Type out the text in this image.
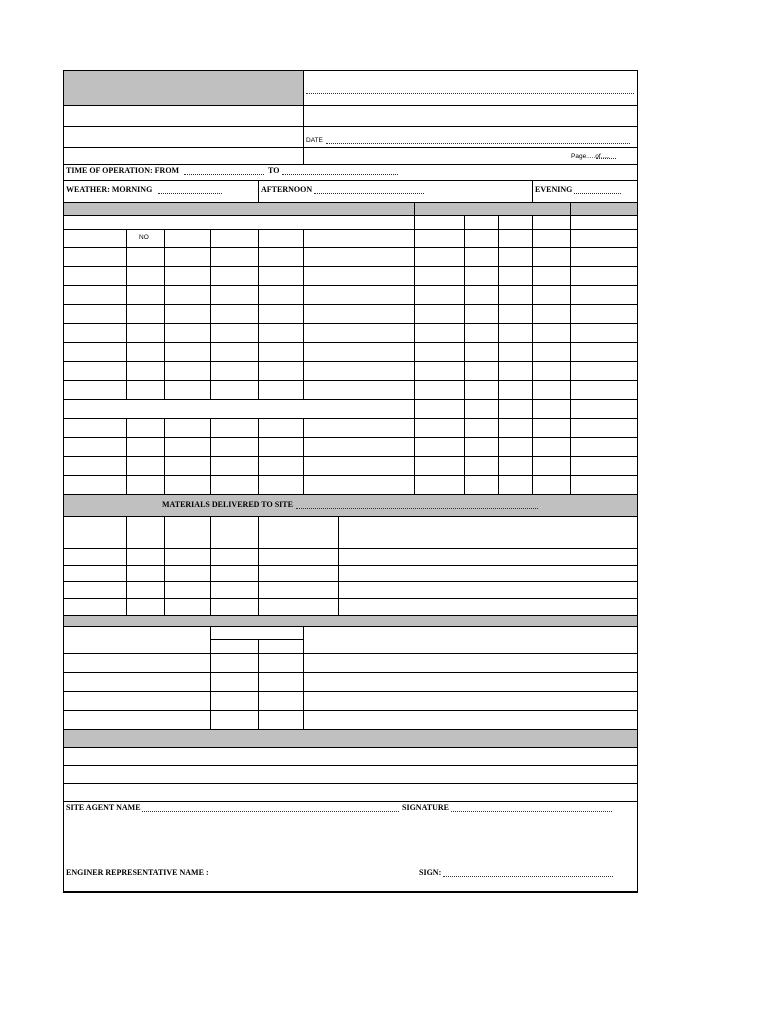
DATE
Page.....of.....
TIME OF OPERATION: FROM	TO
WEATHER: MORNING	AFTERNOON	EVENING
NO
MATERIALS DELIVERED TO SITE
SITE AGENT NAME	SIGNATURE
ENGINER REPRESENTATIVE NAME :	SIGN:
